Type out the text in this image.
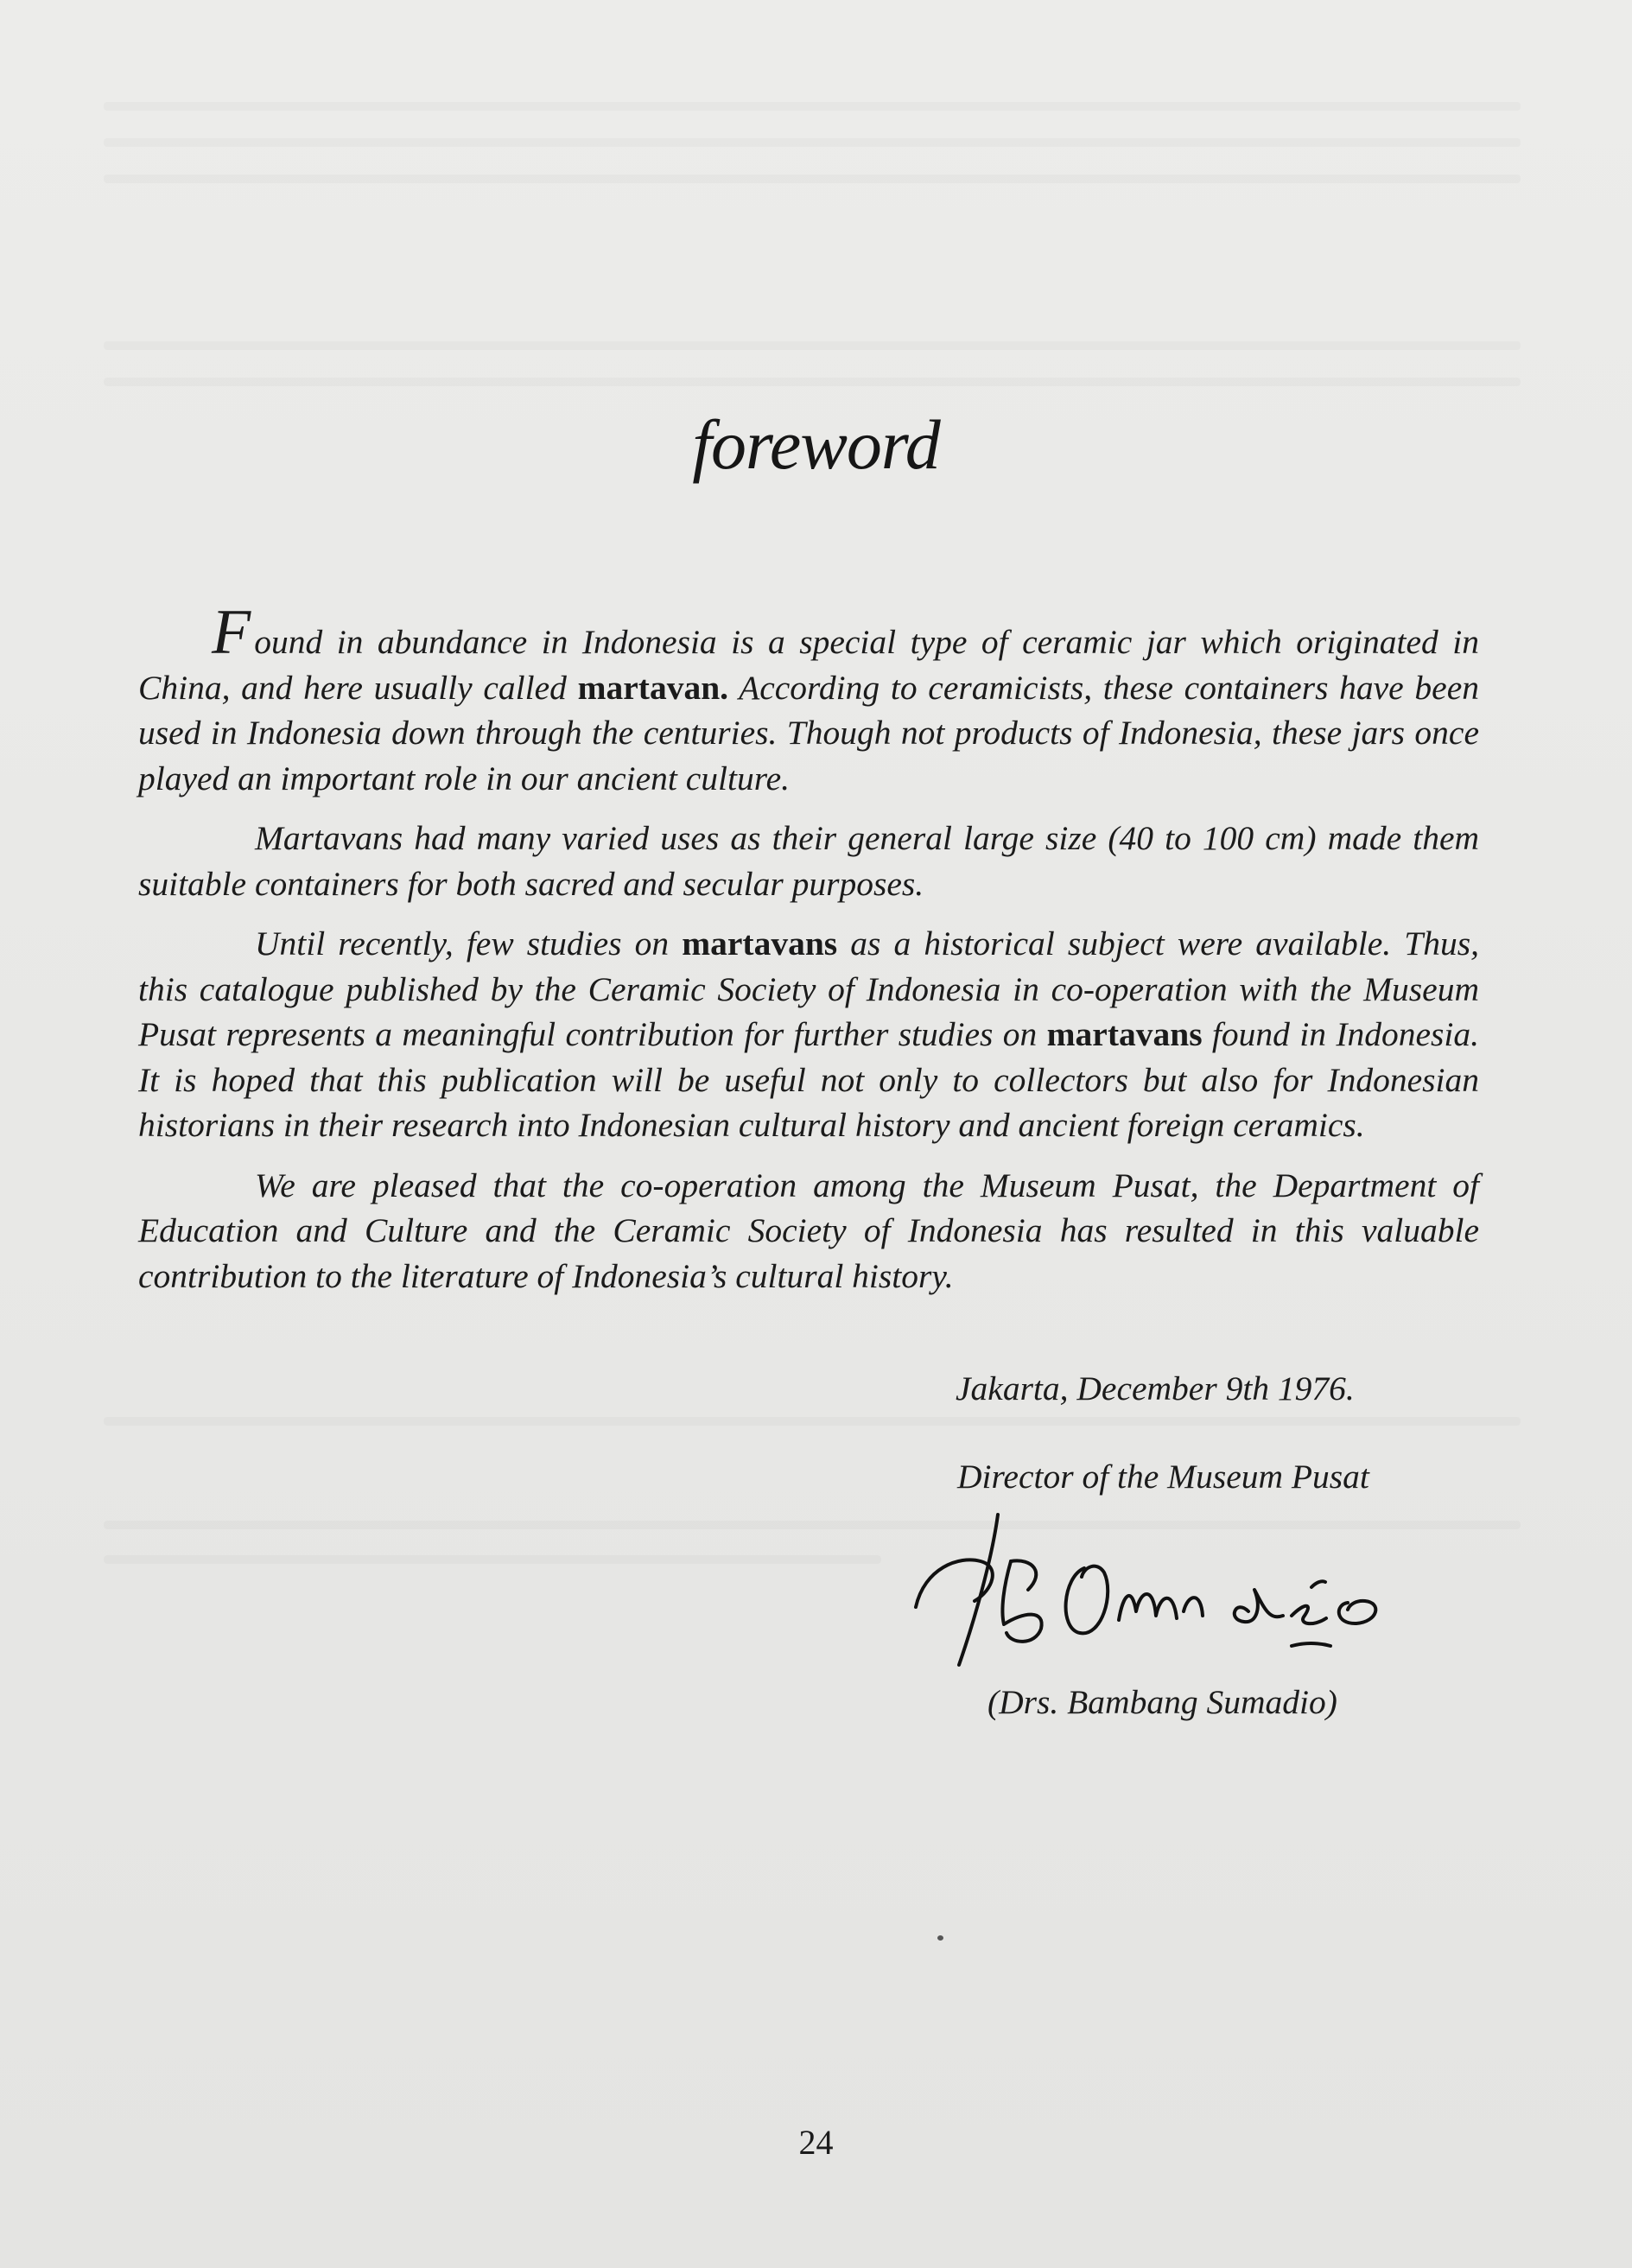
foreword

Found in abundance in Indonesia is a special type of ceramic jar which originated in China, and here usually called martavan. According to ceramicists, these containers have been used in Indonesia down through the centuries. Though not products of Indonesia, these jars once played an important role in our ancient culture.

Martavans had many varied uses as their general large size (40 to 100 cm) made them suitable containers for both sacred and secular purposes.

Until recently, few studies on martavans as a historical subject were available. Thus, this catalogue published by the Ceramic Society of Indonesia in co-operation with the Museum Pusat represents a meaningful contribution for further studies on martavans found in Indonesia. It is hoped that this publication will be useful not only to collectors but also for Indonesian historians in their research into Indonesian cultural history and ancient foreign ceramics.

We are pleased that the co-operation among the Museum Pusat, the Department of Education and Culture and the Ceramic Society of Indonesia has resulted in this valuable contribution to the literature of Indonesia’s cultural history.

Jakarta, December 9th 1976.
Director of the Museum Pusat
(Drs. Bambang Sumadio)
24
